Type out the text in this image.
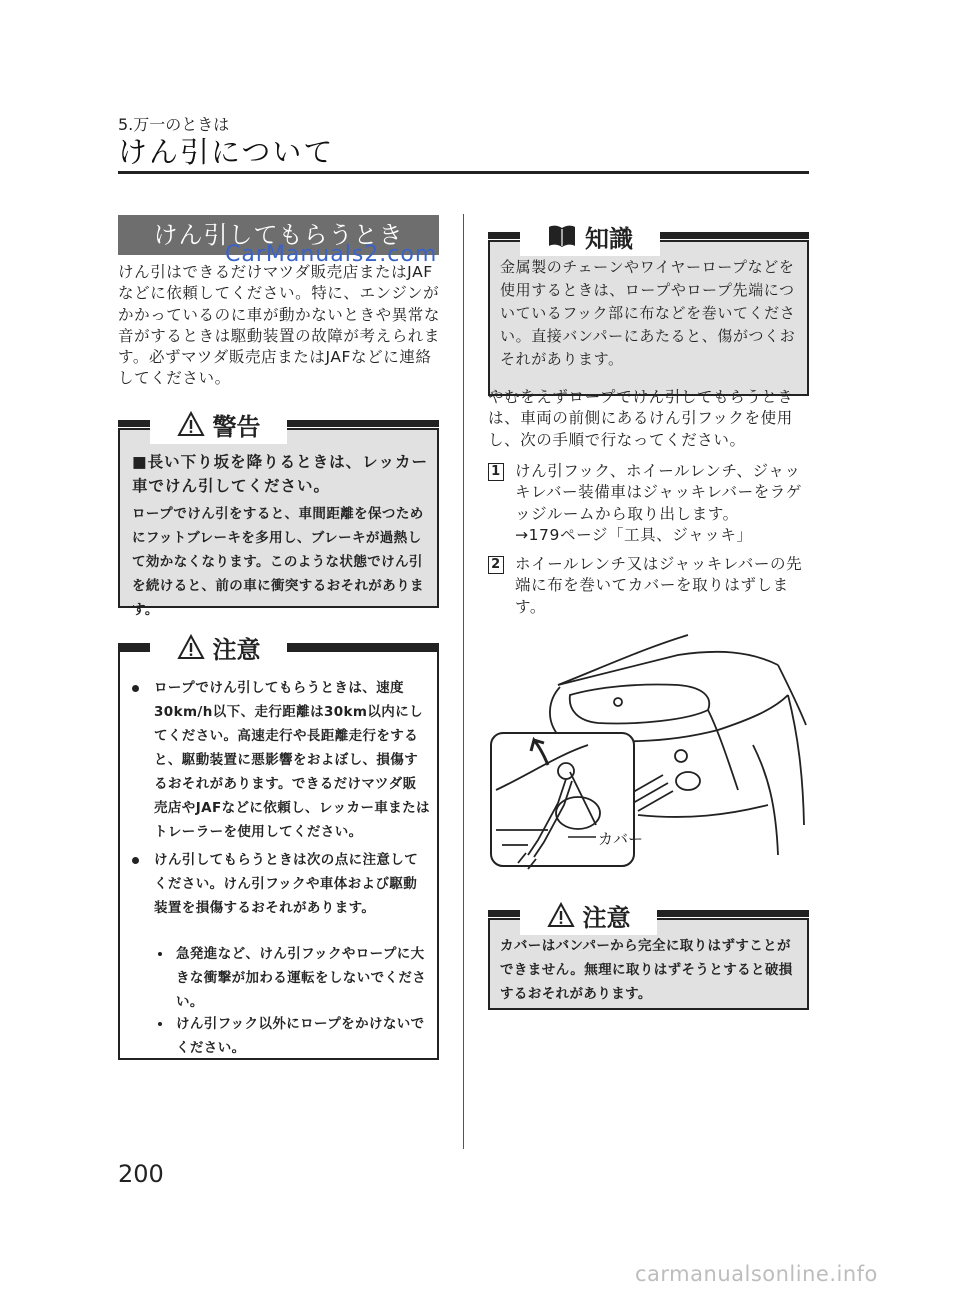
5.万一のときは
けん引について
けん引してもらうとき
CarManuals2.com
けん引はできるだけマツダ販売店またはJAFなどに依頼してください。特に、エンジンがかかっているのに車が動かないときや異常な音がするときは駆動装置の故障が考えられます。必ずマツダ販売店またはJAFなどに連絡してください。
■長い下り坂を降りるときは、レッカー車でけん引してください。
ロープでけん引をすると、車間距離を保つためにフットブレーキを多用し、ブレーキが過熱して効かなくなります。このような状態でけん引を続けると、前の車に衝突するおそれがあります。
警告
ロープでけん引してもらうときは、速度30km/h以下、走行距離は30km以内にしてください。高速走行や長距離走行をすると、駆動装置に悪影響をおよぼし、損傷するおそれがあります。できるだけマツダ販売店やJAFなどに依頼し、レッカー車またはトレーラーを使用してください。
けん引してもらうときは次の点に注意してください。けん引フックや車体および駆動装置を損傷するおそれがあります。
急発進など、けん引フックやロープに大きな衝撃が加わる運転をしないでください。
けん引フック以外にロープをかけないでください。
注意
金属製のチェーンやワイヤーロープなどを使用するときは、ロープやロープ先端についているフック部に布などを巻いてください。直接バンパーにあたると、傷がつくおそれがあります。
知識
やむをえずロープでけん引してもらうときは、車両の前側にあるけん引フックを使用し、次の手順で行なってください。
1 けん引フック、ホイールレンチ、ジャッキレバー装備車はジャッキレバーをラゲッジルームから取り出します。
→179ページ「工具、ジャッキ」
2 ホイールレンチ又はジャッキレバーの先端に布を巻いてカバーを取りはずします。
カバー
カバーはバンパーから完全に取りはずすことができません。無理に取りはずそうとすると破損するおそれがあります。
注意
200
carmanualsonline.info
